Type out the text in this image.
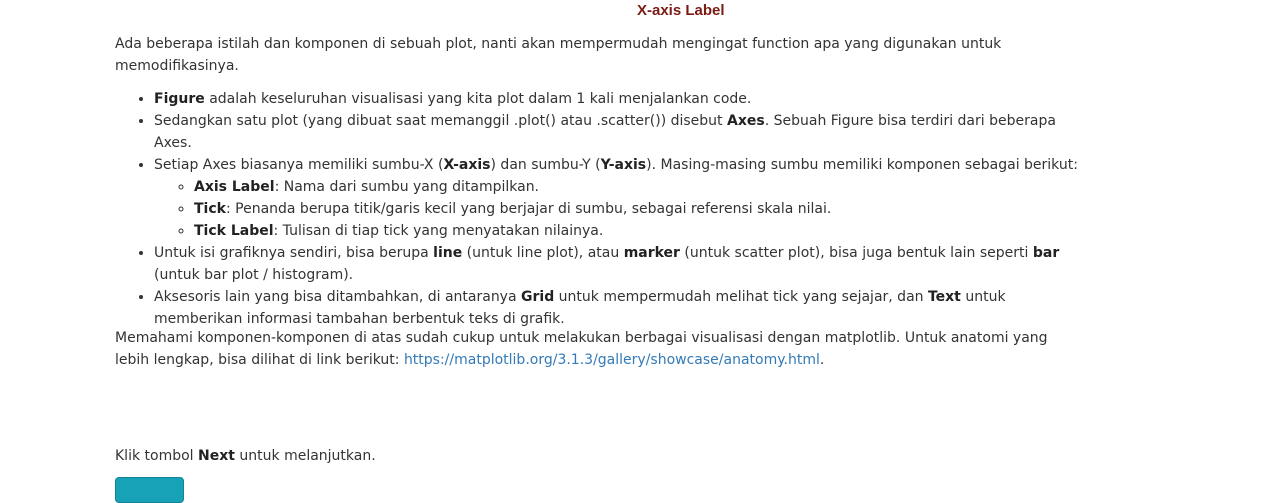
X-axis Label

Ada beberapa istilah dan komponen di sebuah plot, nanti akan mempermudah mengingat function apa yang digunakan untuk memodifikasinya.

• Figure adalah keseluruhan visualisasi yang kita plot dalam 1 kali menjalankan code.
• Sedangkan satu plot (yang dibuat saat memanggil .plot() atau .scatter()) disebut Axes. Sebuah Figure bisa terdiri dari beberapa Axes.
• Setiap Axes biasanya memiliki sumbu-X (X-axis) dan sumbu-Y (Y-axis). Masing-masing sumbu memiliki komponen sebagai berikut:
◦ Axis Label: Nama dari sumbu yang ditampilkan.
◦ Tick: Penanda berupa titik/garis kecil yang berjajar di sumbu, sebagai referensi skala nilai.
◦ Tick Label: Tulisan di tiap tick yang menyatakan nilainya.
• Untuk isi grafiknya sendiri, bisa berupa line (untuk line plot), atau marker (untuk scatter plot), bisa juga bentuk lain seperti bar (untuk bar plot / histogram).
• Aksesoris lain yang bisa ditambahkan, di antaranya Grid untuk mempermudah melihat tick yang sejajar, dan Text untuk memberikan informasi tambahan berbentuk teks di grafik.

Memahami komponen-komponen di atas sudah cukup untuk melakukan berbagai visualisasi dengan matplotlib. Untuk anatomi yang lebih lengkap, bisa dilihat di link berikut: https://matplotlib.org/3.1.3/gallery/showcase/anatomy.html.

Klik tombol Next untuk melanjutkan.
